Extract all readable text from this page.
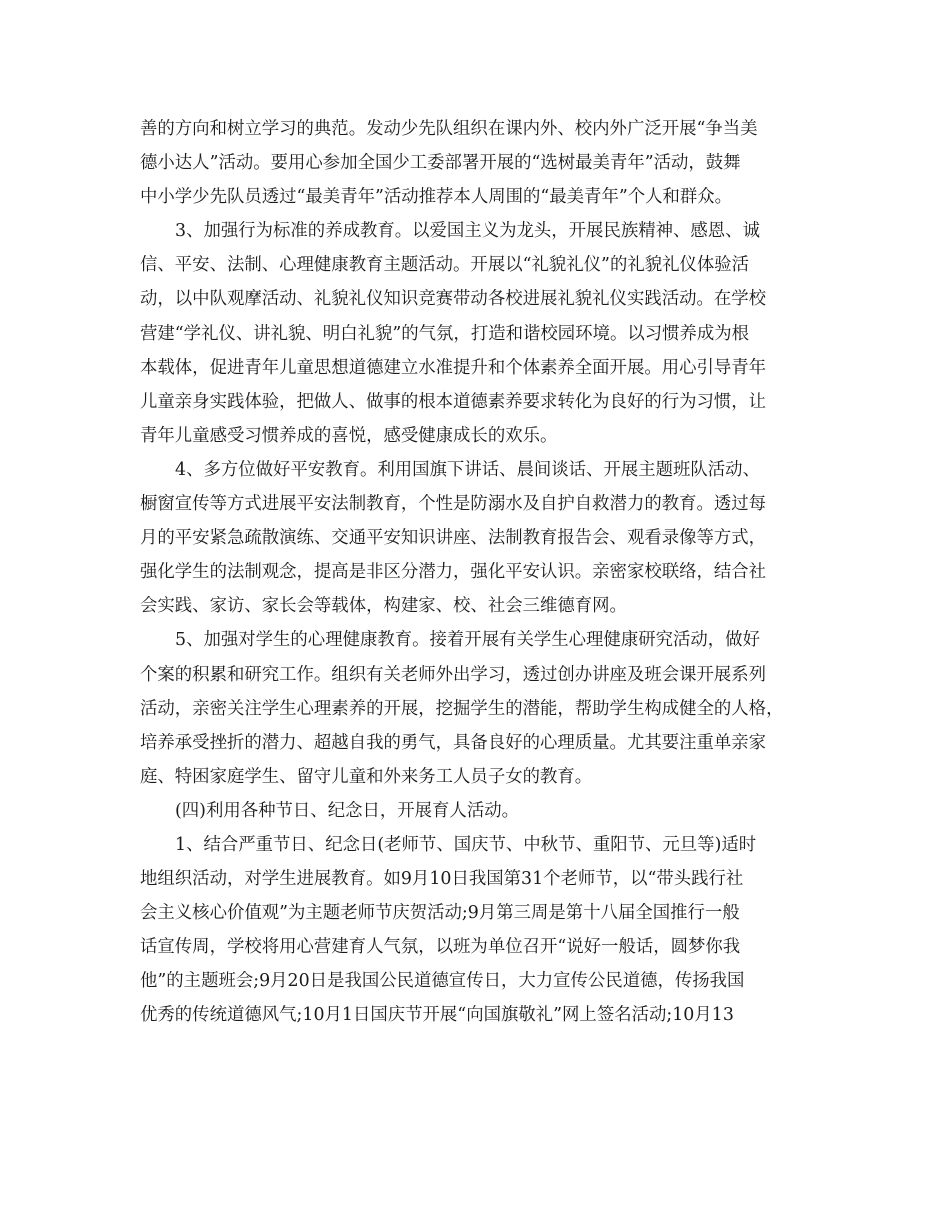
善的方向和树立学习的典范。发动少先队组织在课内外、校内外广泛开展“争当美
德小达人”活动。要用心参加全国少工委部署开展的“选树最美青年”活动，鼓舞
中小学少先队员透过“最美青年”活动推荐本人周围的“最美青年”个人和群众。
3、加强行为标准的养成教育。以爱国主义为龙头，开展民族精神、感恩、诚
信、平安、法制、心理健康教育主题活动。开展以“礼貌礼仪”的礼貌礼仪体验活
动，以中队观摩活动、礼貌礼仪知识竞赛带动各校进展礼貌礼仪实践活动。在学校
营建“学礼仪、讲礼貌、明白礼貌”的气氛，打造和谐校园环境。以习惯养成为根
本载体，促进青年儿童思想道德建立水准提升和个体素养全面开展。用心引导青年
儿童亲身实践体验，把做人、做事的根本道德素养要求转化为良好的行为习惯，让
青年儿童感受习惯养成的喜悦，感受健康成长的欢乐。
4、多方位做好平安教育。利用国旗下讲话、晨间谈话、开展主题班队活动、
橱窗宣传等方式进展平安法制教育，个性是防溺水及自护自救潜力的教育。透过每
月的平安紧急疏散演练、交通平安知识讲座、法制教育报告会、观看录像等方式，
强化学生的法制观念，提高是非区分潜力，强化平安认识。亲密家校联络，结合社
会实践、家访、家长会等载体，构建家、校、社会三维德育网。
5、加强对学生的心理健康教育。接着开展有关学生心理健康研究活动，做好
个案的积累和研究工作。组织有关老师外出学习，透过创办讲座及班会课开展系列
活动，亲密关注学生心理素养的开展，挖掘学生的潜能，帮助学生构成健全的人格，
培养承受挫折的潜力、超越自我的勇气，具备良好的心理质量。尤其要注重单亲家
庭、特困家庭学生、留守儿童和外来务工人员子女的教育。
(四)利用各种节日、纪念日，开展育人活动。
1、结合严重节日、纪念日(老师节、国庆节、中秋节、重阳节、元旦等)适时
地组织活动，对学生进展教育。如9月10日我国第31个老师节，以“带头践行社
会主义核心价值观”为主题老师节庆贺活动;9月第三周是第十八届全国推行一般
话宣传周，学校将用心营建育人气氛，以班为单位召开“说好一般话，圆梦你我
他”的主题班会;9月20日是我国公民道德宣传日，大力宣传公民道德，传扬我国
优秀的传统道德风气;10月1日国庆节开展“向国旗敬礼”网上签名活动;10月13
